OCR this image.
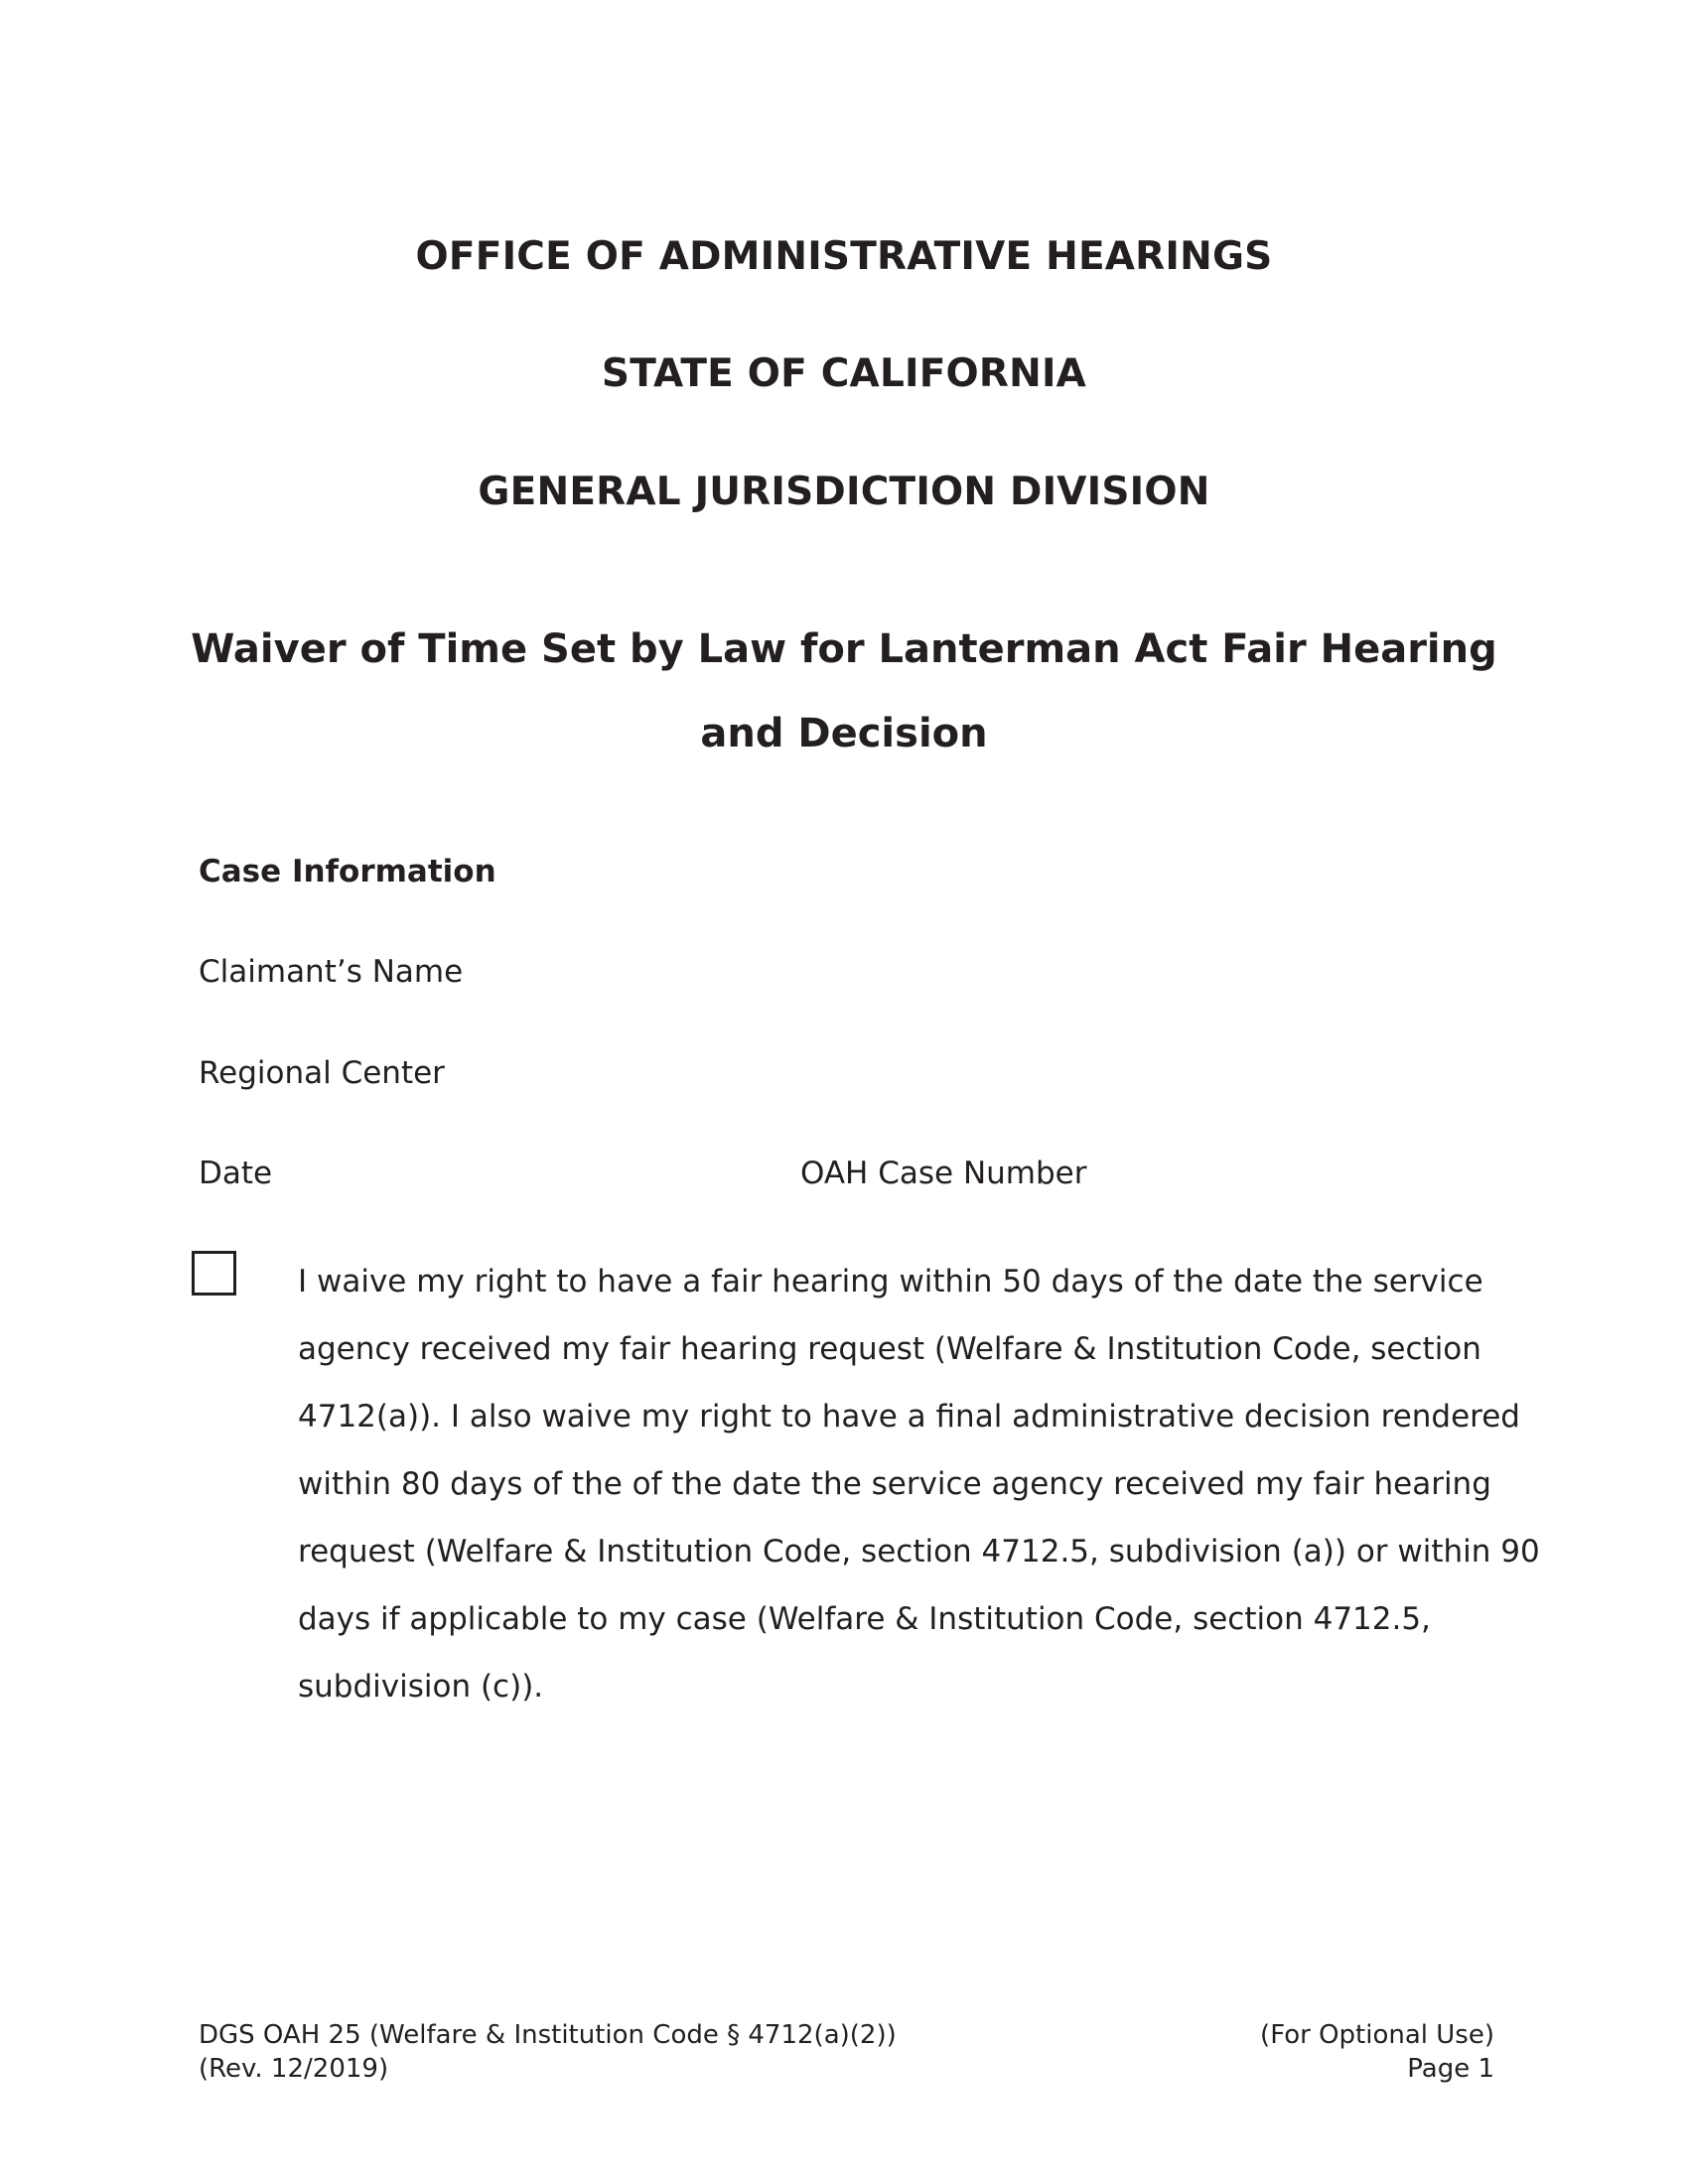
OFFICE OF ADMINISTRATIVE HEARINGS
STATE OF CALIFORNIA
GENERAL JURISDICTION DIVISION
Waiver of Time Set by Law for Lanterman Act Fair Hearing
and Decision
Case Information
Claimant’s Name
Regional Center
Date	OAH Case Number
I waive my right to have a fair hearing within 50 days of the date the service
agency received my fair hearing request (Welfare & Institution Code, section
4712(a)). I also waive my right to have a final administrative decision rendered
within 80 days of the of the date the service agency received my fair hearing
request (Welfare & Institution Code, section 4712.5, subdivision (a)) or within 90
days if applicable to my case (Welfare & Institution Code, section 4712.5,
subdivision (c)).
DGS OAH 25 (Welfare & Institution Code § 4712(a)(2))
(Rev. 12/2019)
(For Optional Use)
Page 1
